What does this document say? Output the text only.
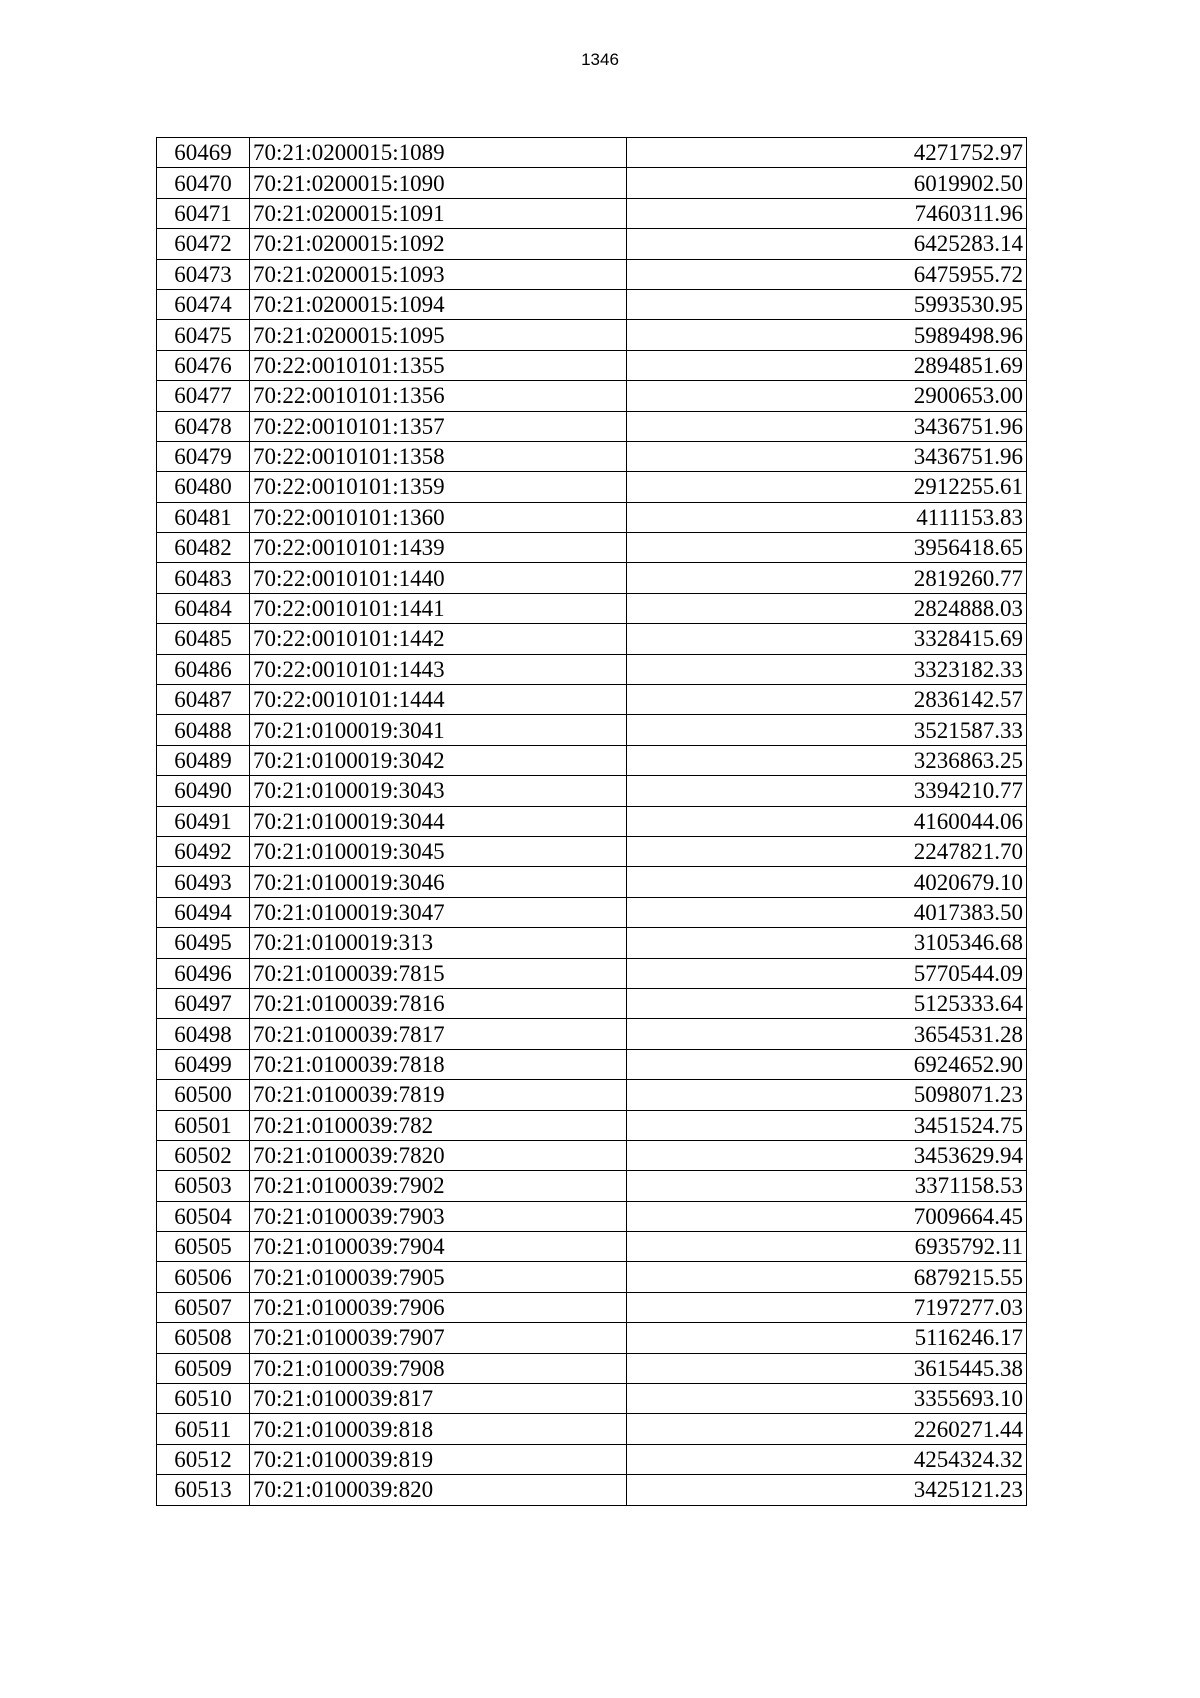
1346
60469	70:21:0200015:1089	4271752.97
60470	70:21:0200015:1090	6019902.50
60471	70:21:0200015:1091	7460311.96
60472	70:21:0200015:1092	6425283.14
60473	70:21:0200015:1093	6475955.72
60474	70:21:0200015:1094	5993530.95
60475	70:21:0200015:1095	5989498.96
60476	70:22:0010101:1355	2894851.69
60477	70:22:0010101:1356	2900653.00
60478	70:22:0010101:1357	3436751.96
60479	70:22:0010101:1358	3436751.96
60480	70:22:0010101:1359	2912255.61
60481	70:22:0010101:1360	4111153.83
60482	70:22:0010101:1439	3956418.65
60483	70:22:0010101:1440	2819260.77
60484	70:22:0010101:1441	2824888.03
60485	70:22:0010101:1442	3328415.69
60486	70:22:0010101:1443	3323182.33
60487	70:22:0010101:1444	2836142.57
60488	70:21:0100019:3041	3521587.33
60489	70:21:0100019:3042	3236863.25
60490	70:21:0100019:3043	3394210.77
60491	70:21:0100019:3044	4160044.06
60492	70:21:0100019:3045	2247821.70
60493	70:21:0100019:3046	4020679.10
60494	70:21:0100019:3047	4017383.50
60495	70:21:0100019:313	3105346.68
60496	70:21:0100039:7815	5770544.09
60497	70:21:0100039:7816	5125333.64
60498	70:21:0100039:7817	3654531.28
60499	70:21:0100039:7818	6924652.90
60500	70:21:0100039:7819	5098071.23
60501	70:21:0100039:782	3451524.75
60502	70:21:0100039:7820	3453629.94
60503	70:21:0100039:7902	3371158.53
60504	70:21:0100039:7903	7009664.45
60505	70:21:0100039:7904	6935792.11
60506	70:21:0100039:7905	6879215.55
60507	70:21:0100039:7906	7197277.03
60508	70:21:0100039:7907	5116246.17
60509	70:21:0100039:7908	3615445.38
60510	70:21:0100039:817	3355693.10
60511	70:21:0100039:818	2260271.44
60512	70:21:0100039:819	4254324.32
60513	70:21:0100039:820	3425121.23
